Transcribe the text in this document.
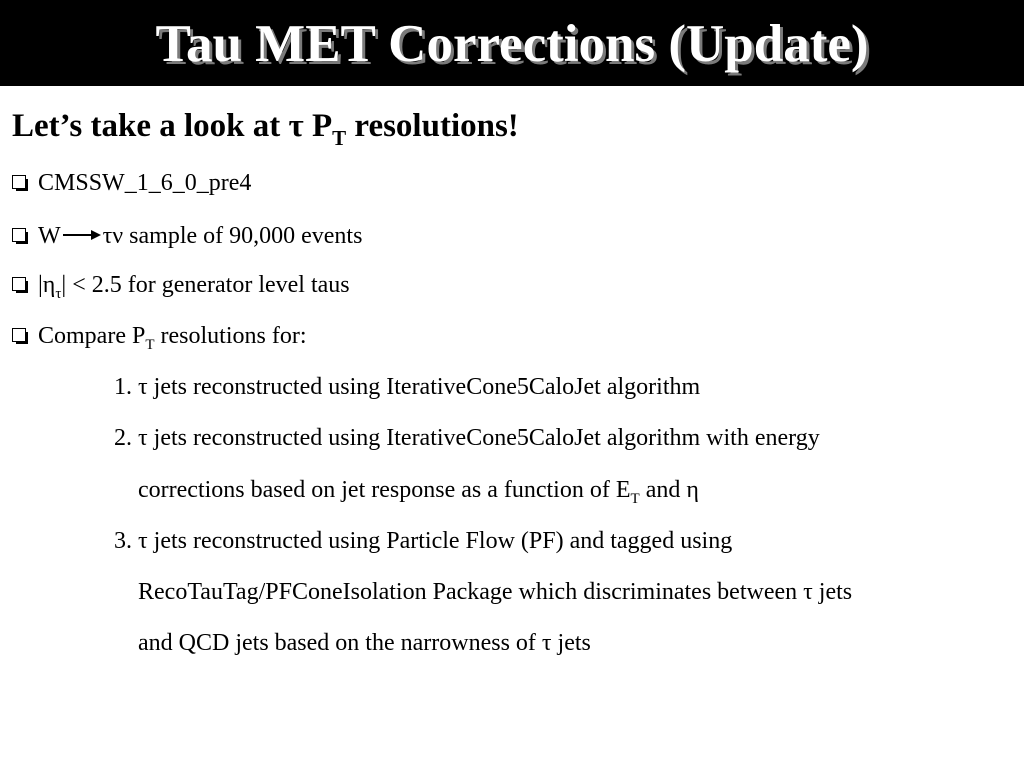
Tau MET Corrections (Update)
Let’s take a look at τ $P_T$ resolutions!
CMSSW_1_6_0_pre4
W τν sample of 90,000 events
$|\eta_\tau| < 2.5$ for generator level taus
Compare $P_T$ resolutions for:
1. τ jets reconstructed using IterativeCone5CaloJet algorithm
2. τ jets reconstructed using IterativeCone5CaloJet algorithm with energy
corrections based on jet response as a function of $E_T$ and η
3. τ jets reconstructed using Particle Flow (PF) and tagged using
RecoTauTag/PFConeIsolation Package which discriminates between τ jets
and QCD jets based on the narrowness of τ jets
